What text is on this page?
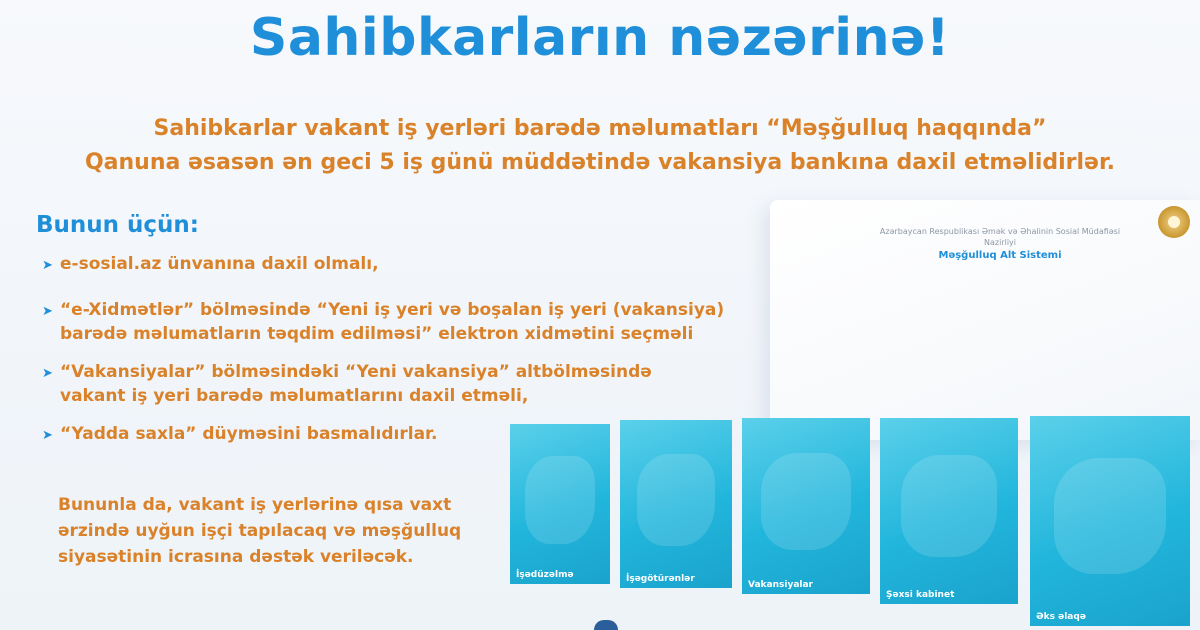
Sahibkarların nəzərinə!
Sahibkarlar vakant iş yerləri barədə məlumatları “Məşğulluq haqqında”
Qanuna əsasən ən geci 5 iş günü müddətində vakansiya bankına daxil etməlidirlər.
Bunun üçün:
➤ e-sosial.az ünvanına daxil olmalı,
➤ “e-Xidmətlər” bölməsində “Yeni iş yeri və boşalan iş yeri (vakansiya)
barədə məlumatların təqdim edilməsi” elektron xidmətini seçməli
➤ “Vakansiyalar” bölməsindəki “Yeni vakansiya” altbölməsində
vakant iş yeri barədə məlumatlarını daxil etməli,
➤ “Yadda saxla” düyməsini basmalıdırlar.
Bununla da, vakant iş yerlərinə qısa vaxt
ərzində uyğun işçi tapılacaq və məşğulluq
siyasətinin icrasına dəstək veriləcək.
Azərbaycan Respublikası Əmək və Əhalinin Sosial Müdafiəsi Nazirliyi
Məşğulluq Alt Sistemi
İşədüzəlmə	İşəgötürənlər
Vakansiyalar
Şəxsi kabinet
Əks əlaqə
